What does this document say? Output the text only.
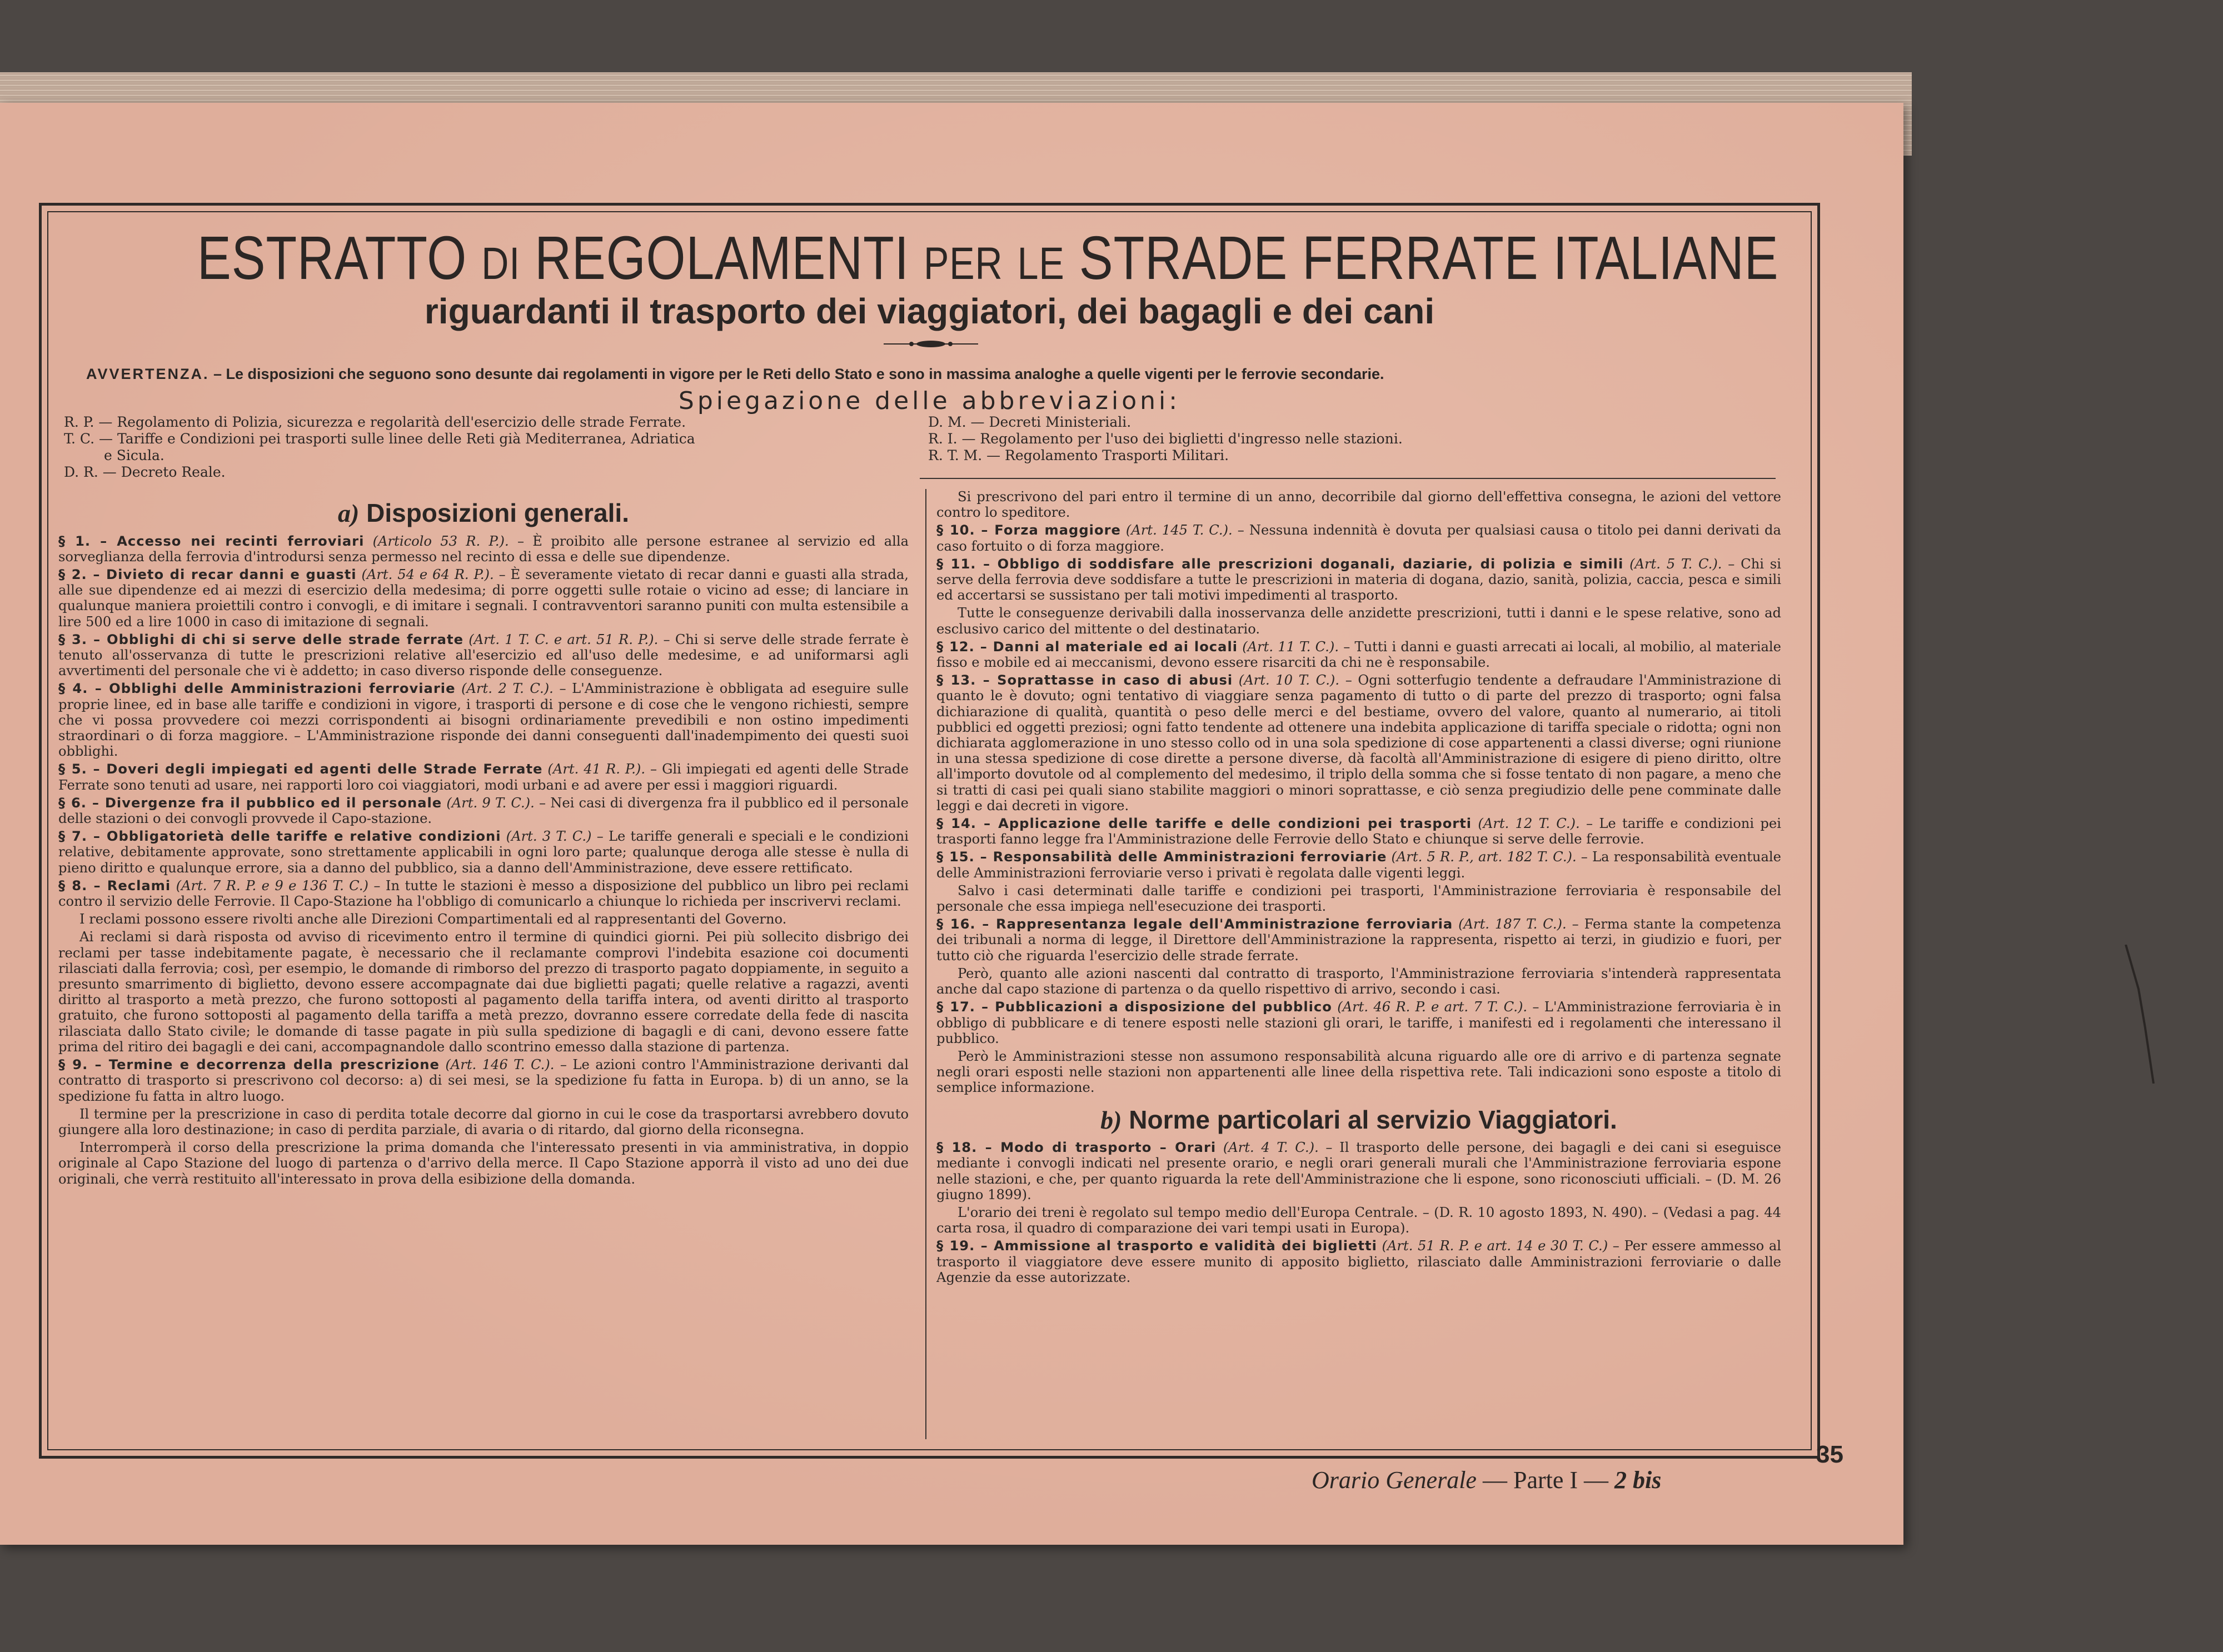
ESTRATTO DI REGOLAMENTI PER LE STRADE FERRATE ITALIANE
riguardanti il trasporto dei viaggiatori, dei bagagli e dei cani
AVVERTENZA. – Le disposizioni che seguono sono desunte dai regolamenti in vigore per le Reti dello Stato e sono in massima analoghe a quelle vigenti per le ferrovie secondarie.
Spiegazione delle abbreviazioni:
R. P. — Regolamento di Polizia, sicurezza e regolarità dell'esercizio delle strade Ferrate.
T. C. — Tariffe e Condizioni pei trasporti sulle linee delle Reti già Mediterranea, Adriatica
e Sicula.
D. R. — Decreto Reale.
D. M. — Decreti Ministeriali.
R. I. — Regolamento per l'uso dei biglietti d'ingresso nelle stazioni.
R. T. M. — Regolamento Trasporti Militari.
a) Disposizioni generali.

§ 1. – Accesso nei recinti ferroviari (Articolo 53 R. P.). – È proibito alle persone estranee al servizio ed alla sorveglianza della ferrovia d'introdursi senza permesso nel recinto di essa e delle sue dipendenze.

§ 2. – Divieto di recar danni e guasti (Art. 54 e 64 R. P.). – È severamente vietato di recar danni e guasti alla strada, alle sue dipendenze ed ai mezzi di esercizio della medesima; di porre oggetti sulle rotaie o vicino ad esse; di lanciare in qualunque maniera proiettili contro i convogli, e di imitare i segnali. I contravventori saranno puniti con multa estensibile a lire 500 ed a lire 1000 in caso di imitazione di segnali.

§ 3. – Obblighi di chi si serve delle strade ferrate (Art. 1 T. C. e art. 51 R. P.). – Chi si serve delle strade ferrate è tenuto all'osservanza di tutte le prescrizioni relative all'esercizio ed all'uso delle medesime, e ad uniformarsi agli avvertimenti del personale che vi è addetto; in caso diverso risponde delle conseguenze.

§ 4. – Obblighi delle Amministrazioni ferroviarie (Art. 2 T. C.). – L'Amministrazione è obbligata ad eseguire sulle proprie linee, ed in base alle tariffe e condizioni in vigore, i trasporti di persone e di cose che le vengono richiesti, sempre che vi possa provvedere coi mezzi corrispondenti ai bisogni ordinariamente prevedibili e non ostino impedimenti straordinari o di forza maggiore. – L'Amministrazione risponde dei danni conseguenti dall'inadempimento dei questi suoi obblighi.

§ 5. – Doveri degli impiegati ed agenti delle Strade Ferrate (Art. 41 R. P.). – Gli impiegati ed agenti delle Strade Ferrate sono tenuti ad usare, nei rapporti loro coi viaggiatori, modi urbani e ad avere per essi i maggiori riguardi.

§ 6. – Divergenze fra il pubblico ed il personale (Art. 9 T. C.). – Nei casi di divergenza fra il pubblico ed il personale delle stazioni o dei convogli provvede il Capo-stazione.

§ 7. – Obbligatorietà delle tariffe e relative condizioni (Art. 3 T. C.) – Le tariffe generali e speciali e le condizioni relative, debitamente approvate, sono strettamente applicabili in ogni loro parte; qualunque deroga alle stesse è nulla di pieno diritto e qualunque errore, sia a danno del pubblico, sia a danno dell'Amministrazione, deve essere rettificato.

§ 8. – Reclami (Art. 7 R. P. e 9 e 136 T. C.) – In tutte le stazioni è messo a disposizione del pubblico un libro pei reclami contro il servizio delle Ferrovie. Il Capo-Stazione ha l'obbligo di comunicarlo a chiunque lo richieda per inscrivervi reclami.

I reclami possono essere rivolti anche alle Direzioni Compartimentali ed al rappresentanti del Governo.

Ai reclami si darà risposta od avviso di ricevimento entro il termine di quindici giorni. Pei più sollecito disbrigo dei reclami per tasse indebitamente pagate, è necessario che il reclamante comprovi l'indebita esazione coi documenti rilasciati dalla ferrovia; così, per esempio, le domande di rimborso del prezzo di trasporto pagato doppiamente, in seguito a presunto smarrimento di biglietto, devono essere accompagnate dai due biglietti pagati; quelle relative a ragazzi, aventi diritto al trasporto a metà prezzo, che furono sottoposti al pagamento della tariffa intera, od aventi diritto al trasporto gratuito, che furono sottoposti al pagamento della tariffa a metà prezzo, dovranno essere corredate della fede di nascita rilasciata dallo Stato civile; le domande di tasse pagate in più sulla spedizione di bagagli e di cani, devono essere fatte prima del ritiro dei bagagli e dei cani, accompagnandole dallo scontrino emesso dalla stazione di partenza.

§ 9. – Termine e decorrenza della prescrizione (Art. 146 T. C.). – Le azioni contro l'Amministrazione derivanti dal contratto di trasporto si prescrivono col decorso: a) di sei mesi, se la spedizione fu fatta in Europa. b) di un anno, se la spedizione fu fatta in altro luogo.

Il termine per la prescrizione in caso di perdita totale decorre dal giorno in cui le cose da trasportarsi avrebbero dovuto giungere alla loro destinazione; in caso di perdita parziale, di avaria o di ritardo, dal giorno della riconsegna.

Interromperà il corso della prescrizione la prima domanda che l'interessato presenti in via amministrativa, in doppio originale al Capo Stazione del luogo di partenza o d'arrivo della merce. Il Capo Stazione apporrà il visto ad uno dei due originali, che verrà restituito all'interessato in prova della esibizione della domanda.

Si prescrivono del pari entro il termine di un anno, decorribile dal giorno dell'effettiva consegna, le azioni del vettore contro lo speditore.

§ 10. – Forza maggiore (Art. 145 T. C.). – Nessuna indennità è dovuta per qualsiasi causa o titolo pei danni derivati da caso fortuito o di forza maggiore.

§ 11. – Obbligo di soddisfare alle prescrizioni doganali, daziarie, di polizia e simili (Art. 5 T. C.). – Chi si serve della ferrovia deve soddisfare a tutte le prescrizioni in materia di dogana, dazio, sanità, polizia, caccia, pesca e simili ed accertarsi se sussistano per tali motivi impedimenti al trasporto.

Tutte le conseguenze derivabili dalla inosservanza delle anzidette prescrizioni, tutti i danni e le spese relative, sono ad esclusivo carico del mittente o del destinatario.

§ 12. – Danni al materiale ed ai locali (Art. 11 T. C.). – Tutti i danni e guasti arrecati ai locali, al mobilio, al materiale fisso e mobile ed ai meccanismi, devono essere risarciti da chi ne è responsabile.

§ 13. – Soprattasse in caso di abusi (Art. 10 T. C.). – Ogni sotterfugio tendente a defraudare l'Amministrazione di quanto le è dovuto; ogni tentativo di viaggiare senza pagamento di tutto o di parte del prezzo di trasporto; ogni falsa dichiarazione di qualità, quantità o peso delle merci e del bestiame, ovvero del valore, quanto al numerario, ai titoli pubblici ed oggetti preziosi; ogni fatto tendente ad ottenere una indebita applicazione di tariffa speciale o ridotta; ogni non dichiarata agglomerazione in uno stesso collo od in una sola spedizione di cose appartenenti a classi diverse; ogni riunione in una stessa spedizione di cose dirette a persone diverse, dà facoltà all'Amministrazione di esigere di pieno diritto, oltre all'importo dovutole od al complemento del medesimo, il triplo della somma che si fosse tentato di non pagare, a meno che si tratti di casi pei quali siano stabilite maggiori o minori soprattasse, e ciò senza pregiudizio delle pene comminate dalle leggi e dai decreti in vigore.

§ 14. – Applicazione delle tariffe e delle condizioni pei trasporti (Art. 12 T. C.). – Le tariffe e condizioni pei trasporti fanno legge fra l'Amministrazione delle Ferrovie dello Stato e chiunque si serve delle ferrovie.

§ 15. – Responsabilità delle Amministrazioni ferroviarie (Art. 5 R. P., art. 182 T. C.). – La responsabilità eventuale delle Amministrazioni ferroviarie verso i privati è regolata dalle vigenti leggi.

Salvo i casi determinati dalle tariffe e condizioni pei trasporti, l'Amministrazione ferroviaria è responsabile del personale che essa impiega nell'esecuzione dei trasporti.

§ 16. – Rappresentanza legale dell'Amministrazione ferroviaria (Art. 187 T. C.). – Ferma stante la competenza dei tribunali a norma di legge, il Direttore dell'Amministrazione la rappresenta, rispetto ai terzi, in giudizio e fuori, per tutto ciò che riguarda l'esercizio delle strade ferrate.

Però, quanto alle azioni nascenti dal contratto di trasporto, l'Amministrazione ferroviaria s'intenderà rappresentata anche dal capo stazione di partenza o da quello rispettivo di arrivo, secondo i casi.

§ 17. – Pubblicazioni a disposizione del pubblico (Art. 46 R. P. e art. 7 T. C.). – L'Amministrazione ferroviaria è in obbligo di pubblicare e di tenere esposti nelle stazioni gli orari, le tariffe, i manifesti ed i regolamenti che interessano il pubblico.

Però le Amministrazioni stesse non assumono responsabilità alcuna riguardo alle ore di arrivo e di partenza segnate negli orari esposti nelle stazioni non appartenenti alle linee della rispettiva rete. Tali indicazioni sono esposte a titolo di semplice informazione.

b) Norme particolari al servizio Viaggiatori.

§ 18. – Modo di trasporto – Orari (Art. 4 T. C.). – Il trasporto delle persone, dei bagagli e dei cani si eseguisce mediante i convogli indicati nel presente orario, e negli orari generali murali che l'Amministrazione ferroviaria espone nelle stazioni, e che, per quanto riguarda la rete dell'Amministrazione che li espone, sono riconosciuti ufficiali. – (D. M. 26 giugno 1899).

L'orario dei treni è regolato sul tempo medio dell'Europa Centrale. – (D. R. 10 agosto 1893, N. 490). – (Vedasi a pag. 44 carta rosa, il quadro di comparazione dei vari tempi usati in Europa).

§ 19. – Ammissione al trasporto e validità dei biglietti (Art. 51 R. P. e art. 14 e 30 T. C.) – Per essere ammesso al trasporto il viaggiatore deve essere munito di apposito biglietto, rilasciato dalle Amministrazioni ferroviarie o dalle Agenzie da esse autorizzate.

35
Orario Generale — Parte I — 2 bis
